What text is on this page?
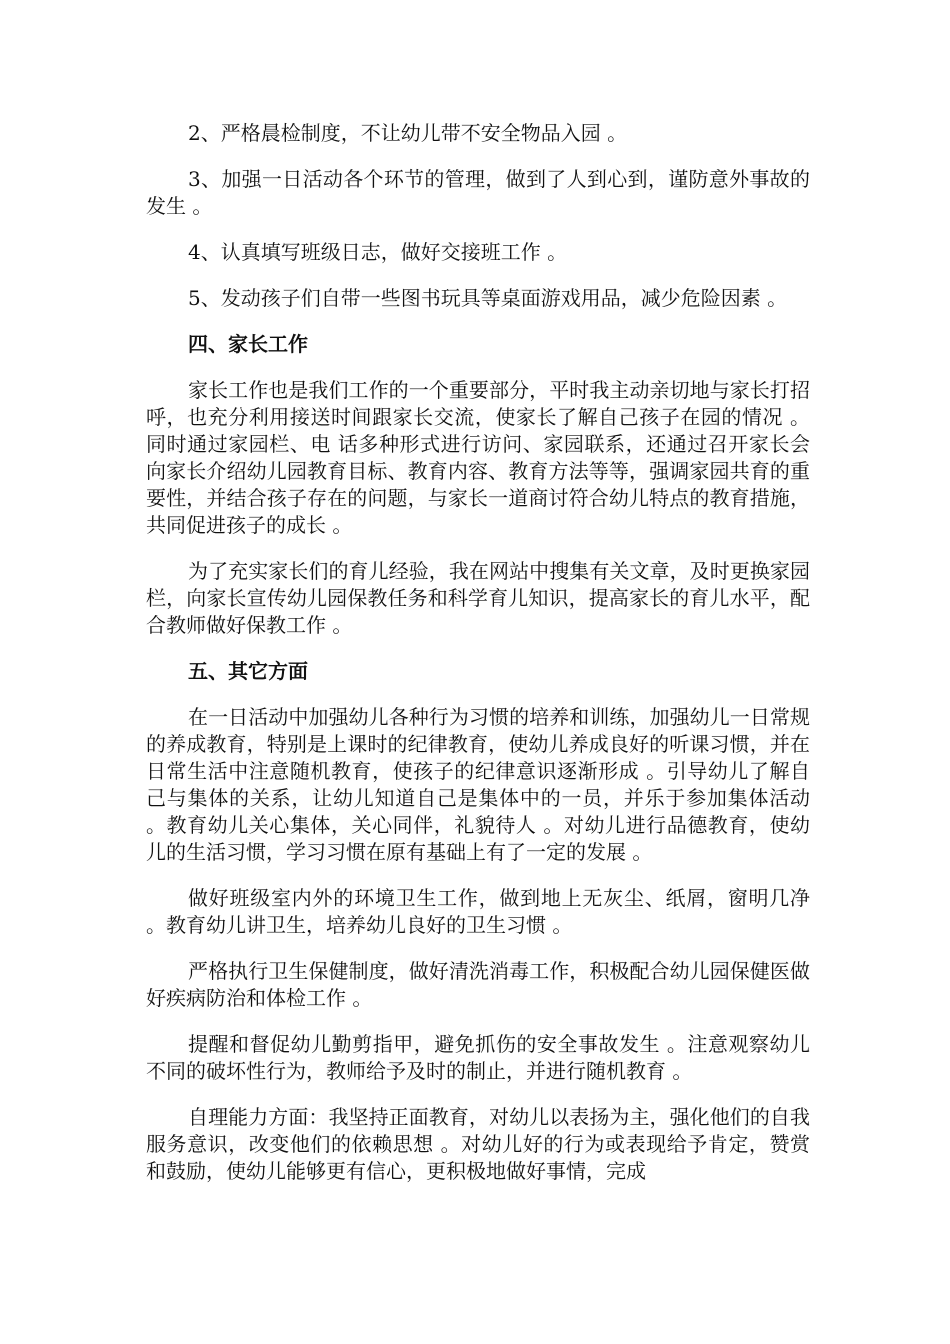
2、严格晨检制度，不让幼儿带不安全物品入园 。

3、加强一日活动各个环节的管理，做到了人到心到，谨防意外事故的发生 。

4、认真填写班级日志，做好交接班工作 。

5、发动孩子们自带一些图书玩具等桌面游戏用品，减少危险因素 。

四、家长工作

家长工作也是我们工作的一个重要部分，平时我主动亲切地与家长打招呼，也充分利用接送时间跟家长交流，使家长了解自己孩子在园的情况 。同时通过家园栏、电 话多种形式进行访问、家园联系，还通过召开家长会向家长介绍幼儿园教育目标、教育内容、教育方法等等，强调家园共育的重要性，并结合孩子存在的问题，与家长一道商讨符合幼儿特点的教育措施，共同促进孩子的成长 。

为了充实家长们的育儿经验，我在网站中搜集有关文章，及时更换家园栏，向家长宣传幼儿园保教任务和科学育儿知识，提高家长的育儿水平，配合教师做好保教工作 。

五、其它方面

在一日活动中加强幼儿各种行为习惯的培养和训练，加强幼儿一日常规的养成教育，特别是上课时的纪律教育，使幼儿养成良好的听课习惯，并在日常生活中注意随机教育，使孩子的纪律意识逐渐形成 。引导幼儿了解自己与集体的关系，让幼儿知道自己是集体中的一员，并乐于参加集体活动 。教育幼儿关心集体，关心同伴，礼貌待人 。对幼儿进行品德教育，使幼儿的生活习惯，学习习惯在原有基础上有了一定的发展 。

做好班级室内外的环境卫生工作，做到地上无灰尘、纸屑，窗明几净 。教育幼儿讲卫生，培养幼儿良好的卫生习惯 。

严格执行卫生保健制度，做好清洗消毒工作，积极配合幼儿园保健医做好疾病防治和体检工作 。

提醒和督促幼儿勤剪指甲，避免抓伤的安全事故发生 。注意观察幼儿不同的破坏性行为，教师给予及时的制止，并进行随机教育 。

自理能力方面：我坚持正面教育，对幼儿以表扬为主，强化他们的自我服务意识，改变他们的依赖思想 。对幼儿好的行为或表现给予肯定，赞赏和鼓励，使幼儿能够更有信心，更积极地做好事情，完成
